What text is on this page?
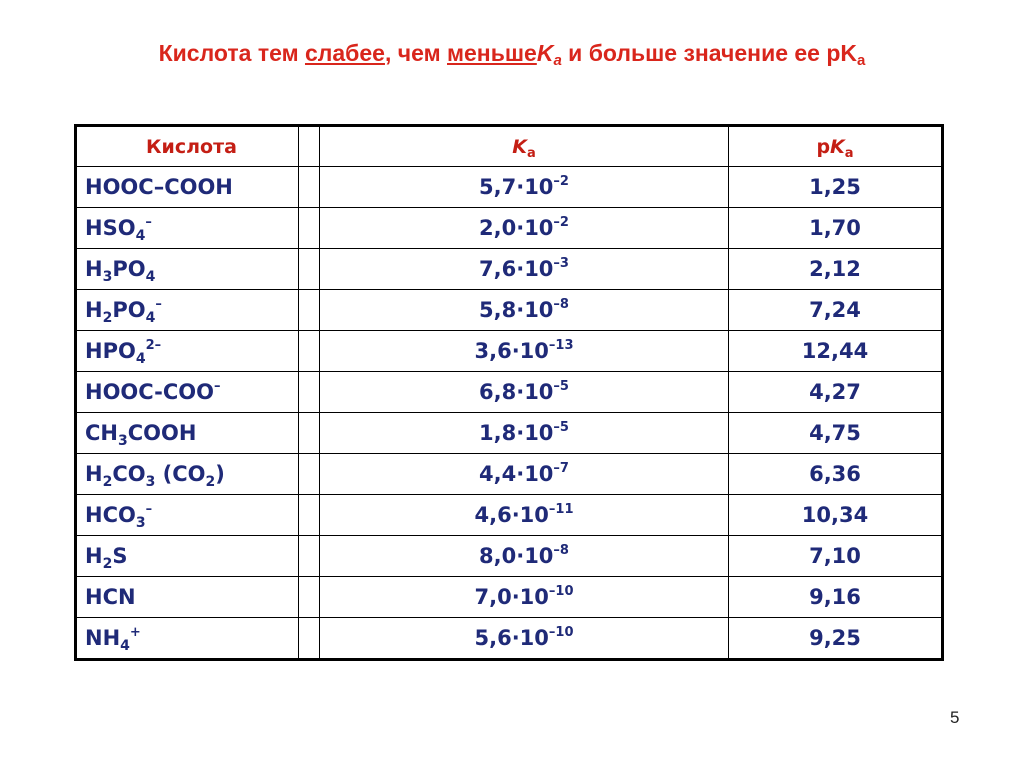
Кислота тем слабее, чем меньшеK$_a$ и больше значение ее $pK_a$
Кислота		$K_a$	$pK_a$
HOOC–COOH		$5,7\cdot 10^{-2}$	1,25
$HSO_4^-$		$2,0\cdot 10^{-2}$	1,70
$H_3PO_4$		$7,6\cdot 10^{-3}$	2,12
$H_2PO_4^-$		$5,8\cdot 10^{-8}$	7,24
$HPO_4^{2-}$		$3,6\cdot 10^{-13}$	12,44
HOOC-COO–		$6,8\cdot 10^{-5}$	4,27
$CH_3COOH$		$1,8\cdot 10^{-5}$	4,75
$H_2CO_3$ $(CO_2)$		$4,4\cdot 10^{-7}$	6,36
$HCO_3^-$		$4,6\cdot 10^{-11}$	10,34
$H_2S$		$8,0\cdot 10^{-8}$	7,10
HCN		$7,0\cdot 10^{-10}$	9,16
$NH_4^+$		$5,6\cdot 10^{-10}$	9,25
5
